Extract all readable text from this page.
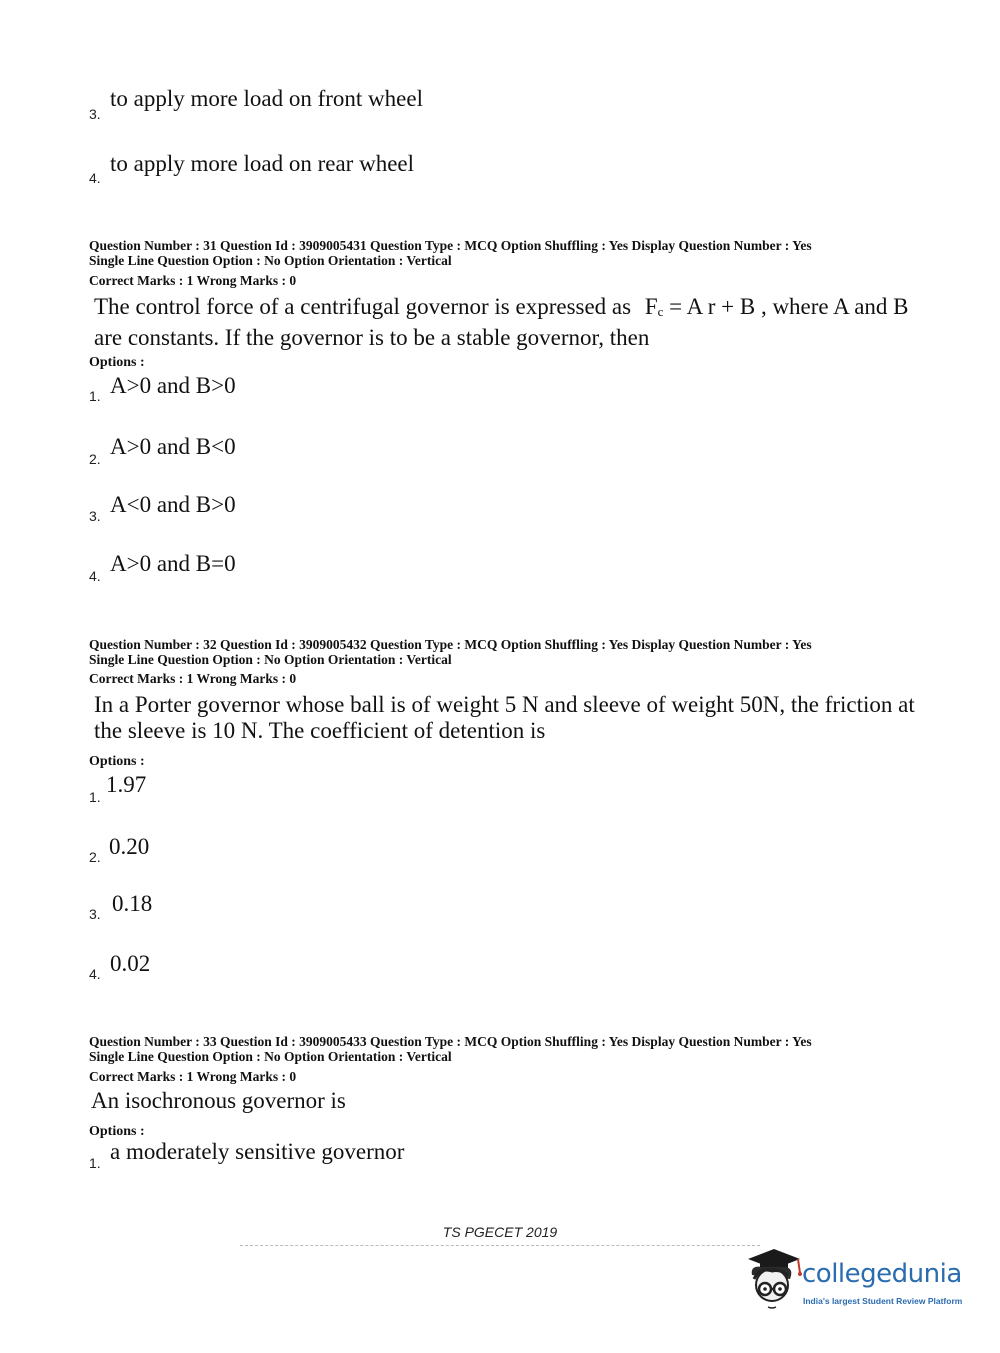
3.
to apply more load on front wheel
4.
to apply more load on rear wheel
Question Number : 31 Question Id : 3909005431 Question Type : MCQ Option Shuffling : Yes Display Question Number : Yes
Single Line Question Option : No Option Orientation : Vertical
Correct Marks : 1 Wrong Marks : 0
The control force of a centrifugal governor is expressed as Fc = A r + B , where A and B
are constants. If the governor is to be a stable governor, then
Options :
1. A>0 and B>0
2. A>0 and B<0
3. A<0 and B>0
4. A>0 and B=0
Question Number : 32 Question Id : 3909005432 Question Type : MCQ Option Shuffling : Yes Display Question Number : Yes
Single Line Question Option : No Option Orientation : Vertical
Correct Marks : 1 Wrong Marks : 0
In a Porter governor whose ball is of weight 5 N and sleeve of weight 50N, the friction at
the sleeve is 10 N. The coefficient of detention is
Options :
1. 1.97
2. 0.20
3. 0.18
4. 0.02
Question Number : 33 Question Id : 3909005433 Question Type : MCQ Option Shuffling : Yes Display Question Number : Yes
Single Line Question Option : No Option Orientation : Vertical
Correct Marks : 1 Wrong Marks : 0
An isochronous governor is
Options :
1. a moderately sensitive governor
TS PGECET 2019
collegedunia
India's largest Student Review Platform
